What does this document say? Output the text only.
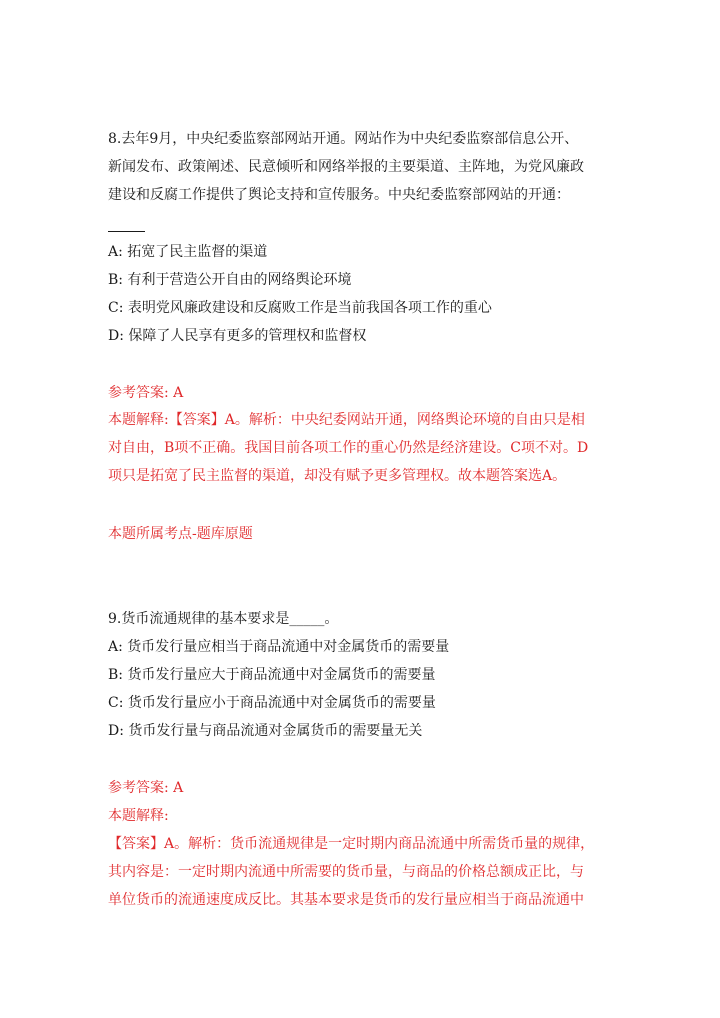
8.去年9月，中央纪委监察部网站开通。网站作为中央纪委监察部信息公开、
新闻发布、政策阐述、民意倾听和网络举报的主要渠道、主阵地，为党风廉政
建设和反腐工作提供了舆论支持和宣传服务。中央纪委监察部网站的开通：
A: 拓宽了民主监督的渠道
B: 有利于营造公开自由的网络舆论环境
C: 表明党风廉政建设和反腐败工作是当前我国各项工作的重心
D: 保障了人民享有更多的管理权和监督权
参考答案: A
本题解释:【答案】A。解析：中央纪委网站开通，网络舆论环境的自由只是相
对自由，B项不正确。我国目前各项工作的重心仍然是经济建设。C项不对。D
项只是拓宽了民主监督的渠道，却没有赋予更多管理权。故本题答案选A。
本题所属考点-题库原题
9.货币流通规律的基本要求是_____。
A: 货币发行量应相当于商品流通中对金属货币的需要量
B: 货币发行量应大于商品流通中对金属货币的需要量
C: 货币发行量应小于商品流通中对金属货币的需要量
D: 货币发行量与商品流通对金属货币的需要量无关
参考答案: A
本题解释:
【答案】A。解析：货币流通规律是一定时期内商品流通中所需货币量的规律，
其内容是：一定时期内流通中所需要的货币量，与商品的价格总额成正比，与
单位货币的流通速度成反比。其基本要求是货币的发行量应相当于商品流通中
